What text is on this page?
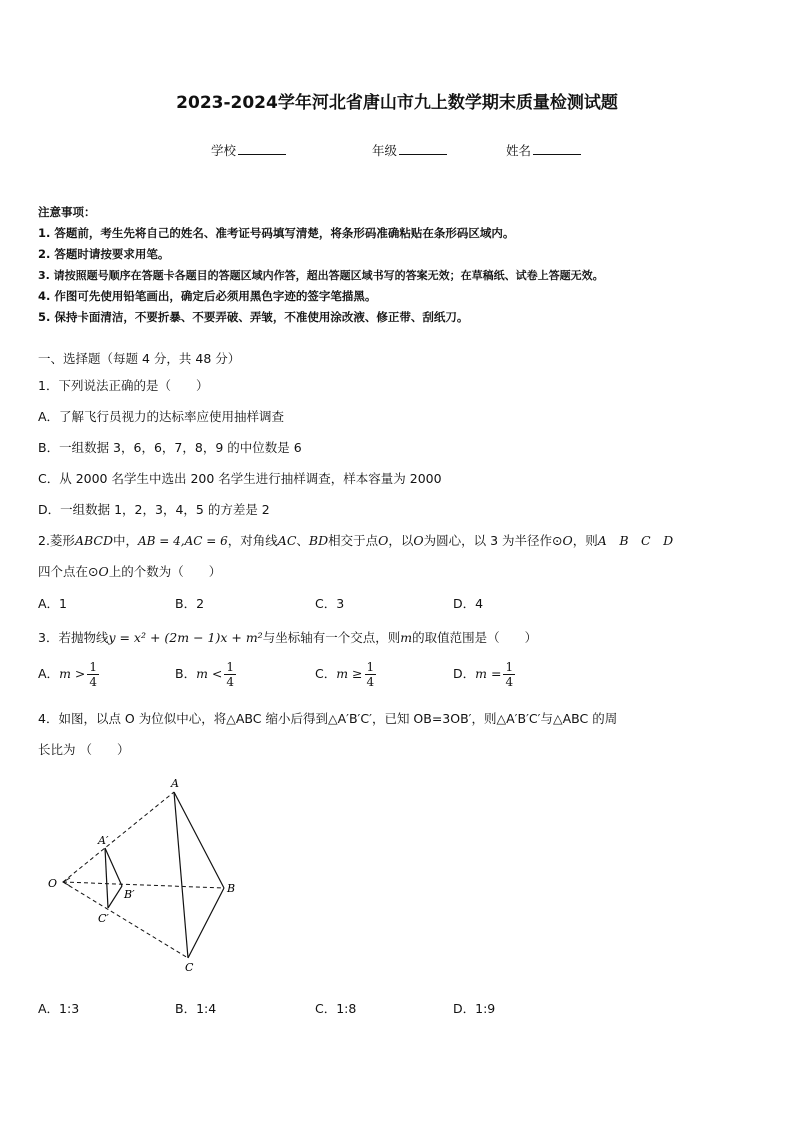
2023-2024学年河北省唐山市九上数学期末质量检测试题
学校	年级	姓名
注意事项：
1. 答题前，考生先将自己的姓名、准考证号码填写清楚，将条形码准确粘贴在条形码区域内。
2. 答题时请按要求用笔。
3. 请按照题号顺序在答题卡各题目的答题区域内作答，超出答题区域书写的答案无效；在草稿纸、试卷上答题无效。
4. 作图可先使用铅笔画出，确定后必须用黑色字迹的签字笔描黑。
5. 保持卡面清洁，不要折暴、不要弄破、弄皱，不准使用涂改液、修正带、刮纸刀。
一、选择题（每题 4 分，共 48 分）
1．下列说法正确的是（　　）
A．了解飞行员视力的达标率应使用抽样调查
B．一组数据 3，6，6，7，8，9 的中位数是 6
C．从 2000 名学生中选出 200 名学生进行抽样调查，样本容量为 2000
D．一组数据 1，2，3，4，5 的方差是 2
2.菱形ABCD中，AB = 4,AC = 6，对角线AC、BD相交于点O，以O为圆心，以 3 为半径作⊙O，则A　B　C　D
四个点在⊙O上的个数为（　　）
A．1	B．2	C．3	D．4
3．若抛物线y = x² + (2m − 1)x + m²与坐标轴有一个交点，则m的取值范围是（　　）
A．$m > \frac{1}{4}$	B．$m < \frac{1}{4}$	C．$m \ge \frac{1}{4}$	D．$m = \frac{1}{4}$
4．如图，以点 O 为位似中心，将△ABC 缩小后得到△A′B′C′，已知 OB=3OB′，则△A′B′C′与△ABC 的周
长比为 （　　）
A
B
C
O
A′
B′
C′
A．1:3	B．1:4	C．1:8	D．1:9
